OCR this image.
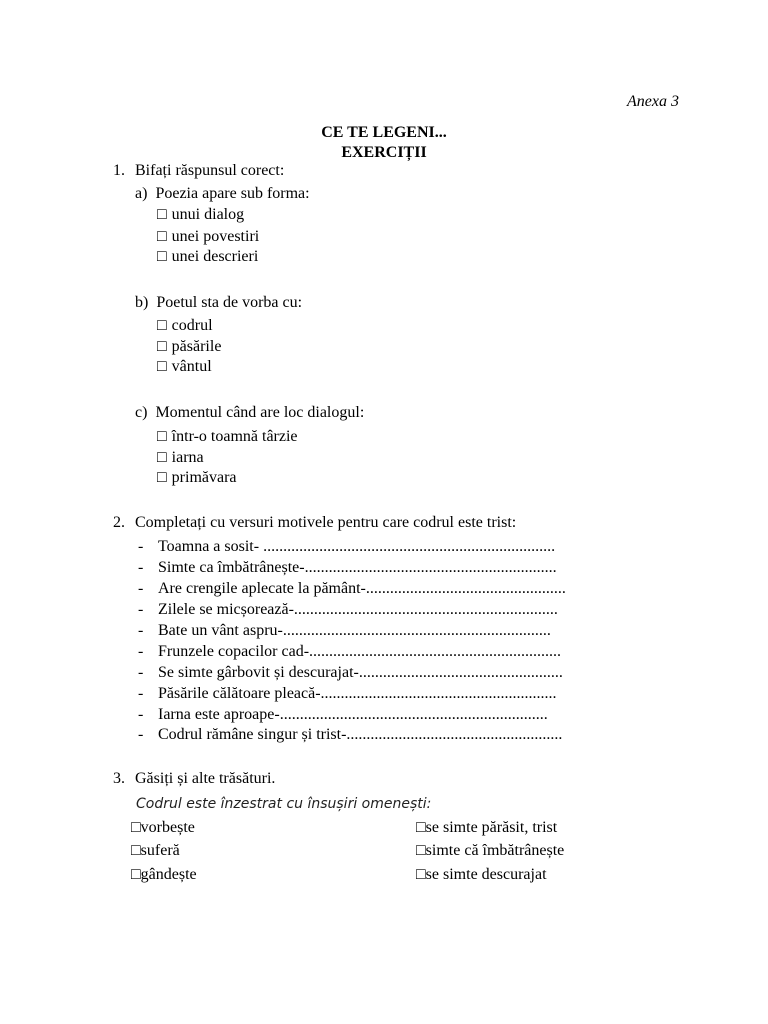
Anexa 3
CE TE LEGENI...
EXERCIȚII
1. Bifați răspunsul corect:
a) Poezia apare sub forma:
□ unui dialog
□ unei povestiri
□ unei descrieri
b) Poetul sta de vorba cu:
□ codrul
□ păsările
□ vântul
c) Momentul când are loc dialogul:
□ într-o toamnă târzie
□ iarna
□ primăvara
2. Completați cu versuri motivele pentru care codrul este trist:
- Toamna a sosit- .........................................................................
- Simte ca îmbătrânește-...............................................................
- Are crengile aplecate la pământ-..................................................
- Zilele se micșorează-..................................................................
- Bate un vânt aspru-...................................................................
- Frunzele copacilor cad-...............................................................
- Se simte gârbovit și descurajat-...................................................
- Păsările călătoare pleacă-...........................................................
- Iarna este aproape-...................................................................
- Codrul rămâne singur și trist-......................................................
3. Găsiți și alte trăsături.
Codrul este înzestrat cu însușiri omenești:
□vorbește
□suferă
□gândește
□se simte părăsit, trist
□simte că îmbătrânește
□se simte descurajat
